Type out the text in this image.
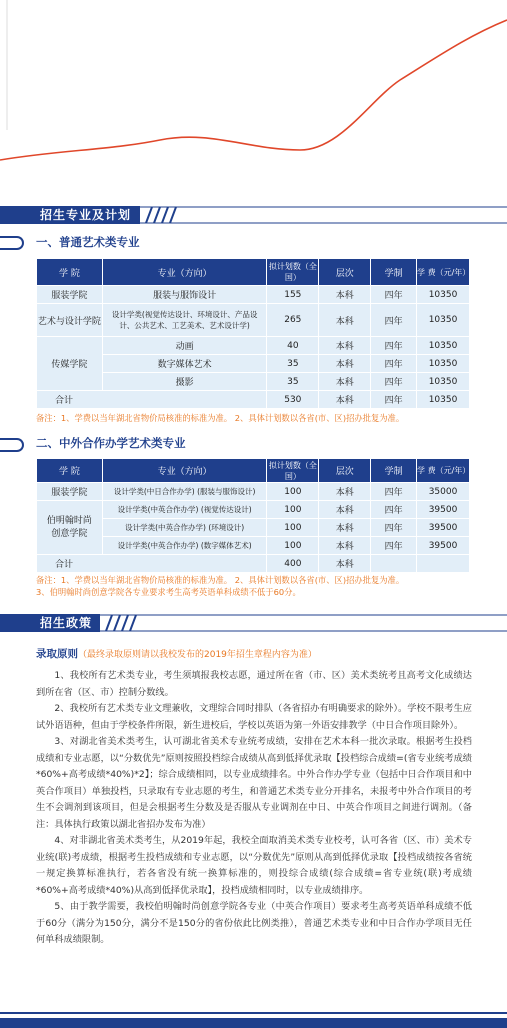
招生专业及计划
一、普通艺术类专业
学 院	专业（方向）	拟计划数（全国）	层次	学制	学 费（元/年）
服装学院	服装与服饰设计	155	本科	四年	10350
艺术与设计学院	设计学类(视觉传达设计、环境设计、产品设计、公共艺术、工艺美术、艺术设计学)	265	本科	四年	10350
传媒学院	动画	40	本科	四年	10350
	数字媒体艺术	35	本科	四年	10350
	摄影	35	本科	四年	10350
合计		530	本科	四年	10350
备注：1、学费以当年湖北省物价局核准的标准为准。 2、具体计划数以各省(市、区)招办批复为准。
二、中外合作办学艺术类专业
学 院	专业（方向）	拟计划数（全国）	层次	学制	学 费（元/年）
服装学院	设计学类(中日合作办学) (服装与服饰设计)	100	本科	四年	35000
伯明翰时尚创意学院	设计学类(中英合作办学) (视觉传达设计)	100	本科	四年	39500
	设计学类(中英合作办学) (环境设计)	100	本科	四年	39500
	设计学类(中英合作办学) (数字媒体艺术)	100	本科	四年	39500
合计		400	本科		
备注：1、学费以当年湖北省物价局核准的标准为准。 2、具体计划数以各省(市、区)招办批复为准。
3、伯明翰时尚创意学院各专业要求考生高考英语单科成绩不低于60分。
招生政策
录取原则（最终录取原则请以我校发布的2019年招生章程内容为准）

1、我校所有艺术类专业，考生须填报我校志愿，通过所在省（市、区）美术类统考且高考文化成绩达到所在省（区、市）控制分数线。

2、我校所有艺术类专业文理兼收，文理综合同时排队（各省招办有明确要求的除外）。学校不限考生应试外语语种，但由于学校条件所限，新生进校后，学校以英语为第一外语安排教学（中日合作项目除外）。

3、对湖北省美术类考生，认可湖北省美术专业统考成绩，安排在艺术本科一批次录取。根据考生投档成绩和专业志愿，以“分数优先”原则按照投档综合成绩从高到低择优录取【投档综合成绩=(省专业统考成绩*60%+高考成绩*40%)*2】；综合成绩相同，以专业成绩排名。中外合作办学专业（包括中日合作项目和中英合作项目）单独投档，只录取有专业志愿的考生，和普通艺术类专业分开排名，未报考中外合作项目的考生不会调剂到该项目，但是会根据考生分数及是否服从专业调剂在中日、中英合作项目之间进行调剂。（备注：具体执行政策以湖北省招办发布为准）

4、对非湖北省美术类考生，从2019年起，我校全面取消美术类专业校考，认可各省（区、市）美术专业统(联)考成绩，根据考生投档成绩和专业志愿，以“分数优先”原则从高到低择优录取【投档成绩按各省统一规定换算标准执行，若各省没有统一换算标准的，则投综合成绩(综合成绩=省专业统(联)考成绩*60%+高考成绩*40%)从高到低择优录取】，投档成绩相同时，以专业成绩排序。

5、由于教学需要，我校伯明翰时尚创意学院各专业（中英合作项目）要求考生高考英语单科成绩不低于60分（满分为150分，满分不是150分的省份依此比例类推），普通艺术类专业和中日合作办学项目无任何单科成绩限制。
